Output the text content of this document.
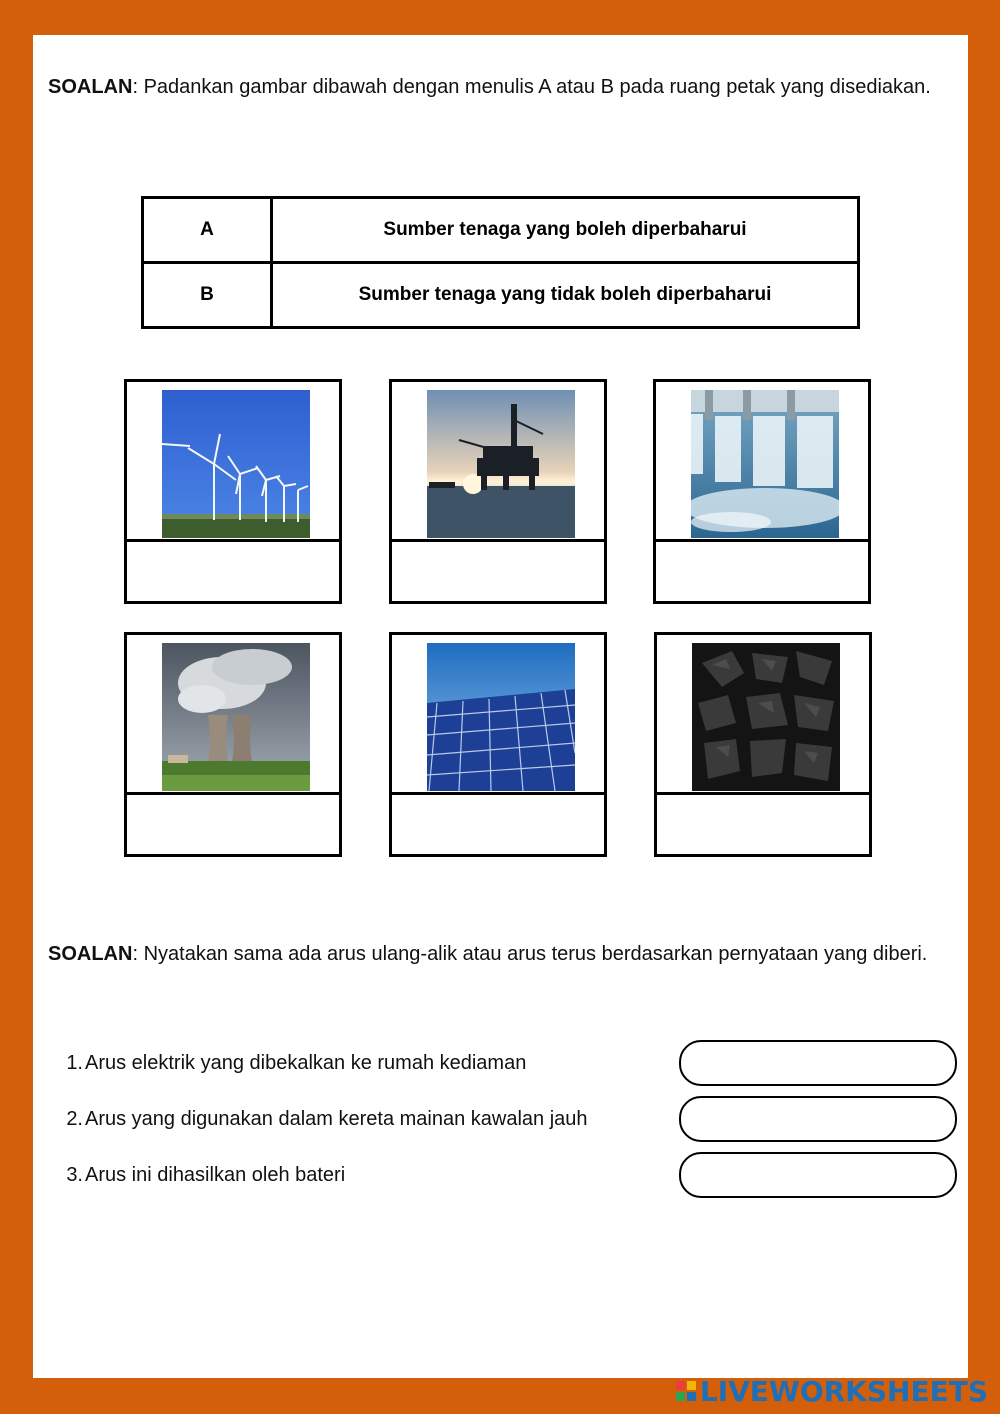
SOALAN: Padankan gambar dibawah dengan menulis A atau B pada ruang petak yang disediakan.
A	Sumber tenaga yang boleh diperbaharui
B	Sumber tenaga yang tidak boleh diperbaharui
SOALAN: Nyatakan sama ada arus ulang-alik atau arus terus berdasarkan pernyataan yang diberi.
1. Arus elektrik yang dibekalkan ke rumah kediaman
2. Arus yang digunakan dalam kereta mainan kawalan jauh
3. Arus ini dihasilkan oleh bateri
LIVEWORKSHEETS
